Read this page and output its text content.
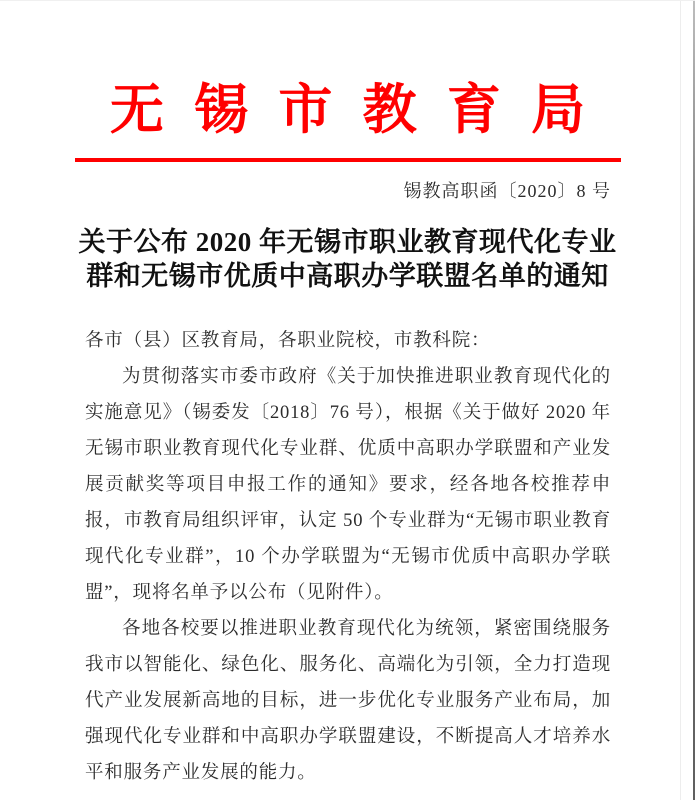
无锡市教育局
锡教高职函〔2020〕8 号
关于公布 2020 年无锡市职业教育现代化专业
群和无锡市优质中高职办学联盟名单的通知

各市（县）区教育局，各职业院校，市教科院：

为贯彻落实市委市政府《关于加快推进职业教育现代化的实施意见》（锡委发〔2018〕76 号），根据《关于做好 2020 年无锡市职业教育现代化专业群、优质中高职办学联盟和产业发展贡献奖等项目申报工作的通知》要求，经各地各校推荐申报，市教育局组织评审，认定 50 个专业群为“无锡市职业教育现代化专业群”，10 个办学联盟为“无锡市优质中高职办学联盟”，现将名单予以公布（见附件）。

各地各校要以推进职业教育现代化为统领，紧密围绕服务我市以智能化、绿色化、服务化、高端化为引领，全力打造现代产业发展新高地的目标，进一步优化专业服务产业布局，加强现代化专业群和中高职办学联盟建设，不断提高人才培养水平和服务产业发展的能力。
